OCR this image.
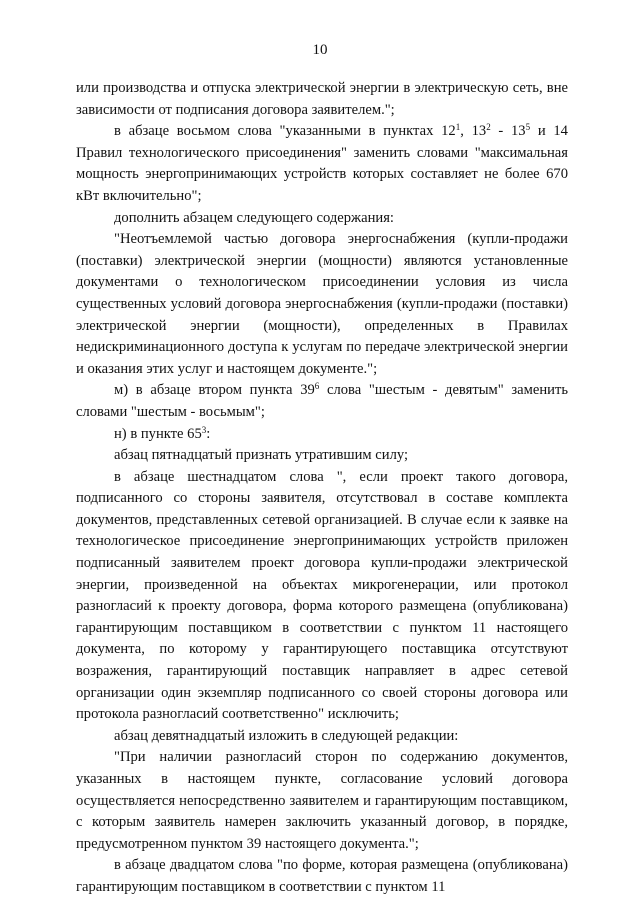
10

или производства и отпуска электрической энергии в электрическую сеть, вне зависимости от подписания договора заявителем.";

в абзаце восьмом слова "указанными в пунктах $12^1$, $13^2 - 13^5$ и 14 Правил технологического присоединения" заменить словами "максимальная мощность энергопринимающих устройств которых составляет не более 670 кВт включительно";

дополнить абзацем следующего содержания:

"Неотъемлемой частью договора энергоснабжения (купли-продажи (поставки) электрической энергии (мощности) являются установленные документами о технологическом присоединении условия из числа существенных условий договора энергоснабжения (купли-продажи (поставки) электрической энергии (мощности), определенных в Правилах недискриминационного доступа к услугам по передаче электрической энергии и оказания этих услуг и настоящем документе.";

м) в абзаце втором пункта $39^6$ слова "шестым - девятым" заменить словами "шестым - восьмым";

н) в пункте $65^3$:

абзац пятнадцатый признать утратившим силу;

в абзаце шестнадцатом слова ", если проект такого договора, подписанного со стороны заявителя, отсутствовал в составе комплекта документов, представленных сетевой организацией. В случае если к заявке на технологическое присоединение энергопринимающих устройств приложен подписанный заявителем проект договора купли-продажи электрической энергии, произведенной на объектах микрогенерации, или протокол разногласий к проекту договора, форма которого размещена (опубликована) гарантирующим поставщиком в соответствии с пунктом 11 настоящего документа, по которому у гарантирующего поставщика отсутствуют возражения, гарантирующий поставщик направляет в адрес сетевой организации один экземпляр подписанного со своей стороны договора или протокола разногласий соответственно" исключить;

абзац девятнадцатый изложить в следующей редакции:

"При наличии разногласий сторон по содержанию документов, указанных в настоящем пункте, согласование условий договора осуществляется непосредственно заявителем и гарантирующим поставщиком, с которым заявитель намерен заключить указанный договор, в порядке, предусмотренном пунктом 39 настоящего документа.";

в абзаце двадцатом слова "по форме, которая размещена (опубликована) гарантирующим поставщиком в соответствии с пунктом 11
